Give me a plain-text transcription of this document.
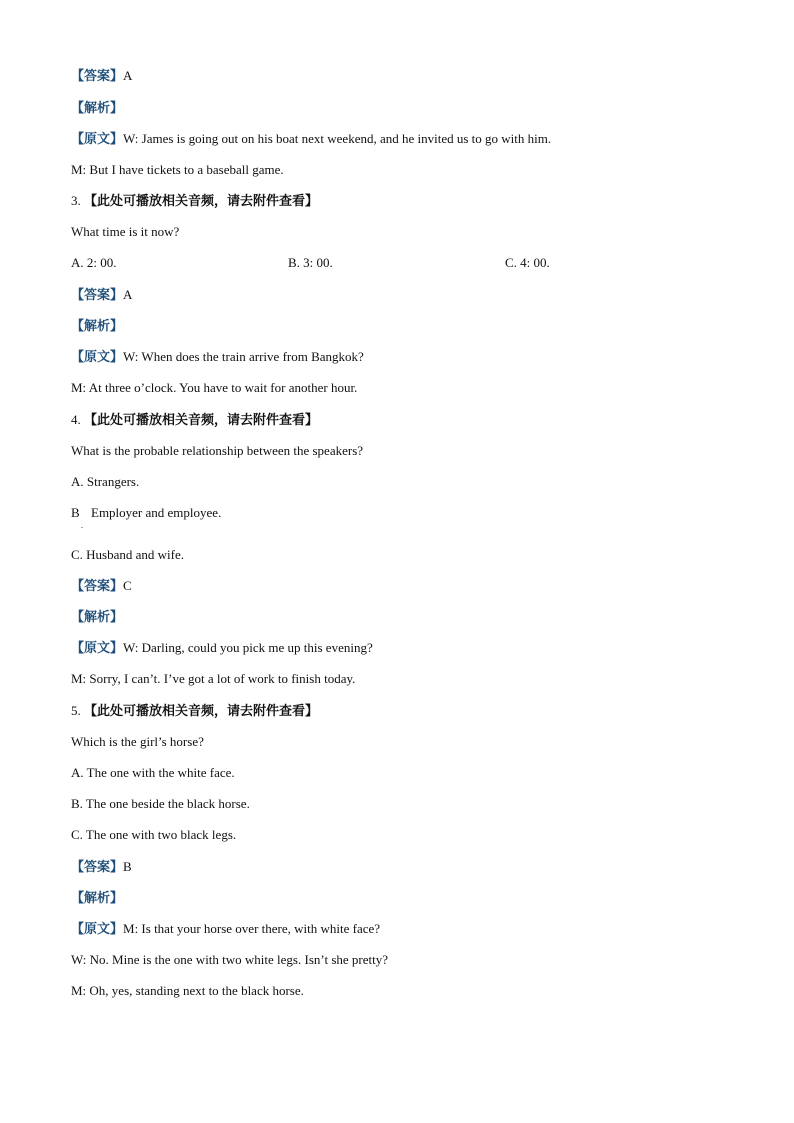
【答案】A
【解析】
【原文】W: James is going out on his boat next weekend, and he invited us to go with him.
M: But I have tickets to a baseball game.
3. 【此处可播放相关音频，请去附件查看】
What time is it now?
A. 2: 00.	B. 3: 00.	C. 4: 00.
【答案】A
【解析】
【原文】W: When does the train arrive from Bangkok?
M: At three o’clock. You have to wait for another hour.
4. 【此处可播放相关音频，请去附件查看】
What is the probable relationship between the speakers?
A. Strangers.
B
.
Employer and employee.
C. Husband and wife.
【答案】C
【解析】
【原文】W: Darling, could you pick me up this evening?
M: Sorry, I can’t. I’ve got a lot of work to finish today.
5. 【此处可播放相关音频，请去附件查看】
Which is the girl’s horse?
A. The one with the white face.
B. The one beside the black horse.
C. The one with two black legs.
【答案】B
【解析】
【原文】M: Is that your horse over there, with white face?
W: No. Mine is the one with two white legs. Isn’t she pretty?
M: Oh, yes, standing next to the black horse.
